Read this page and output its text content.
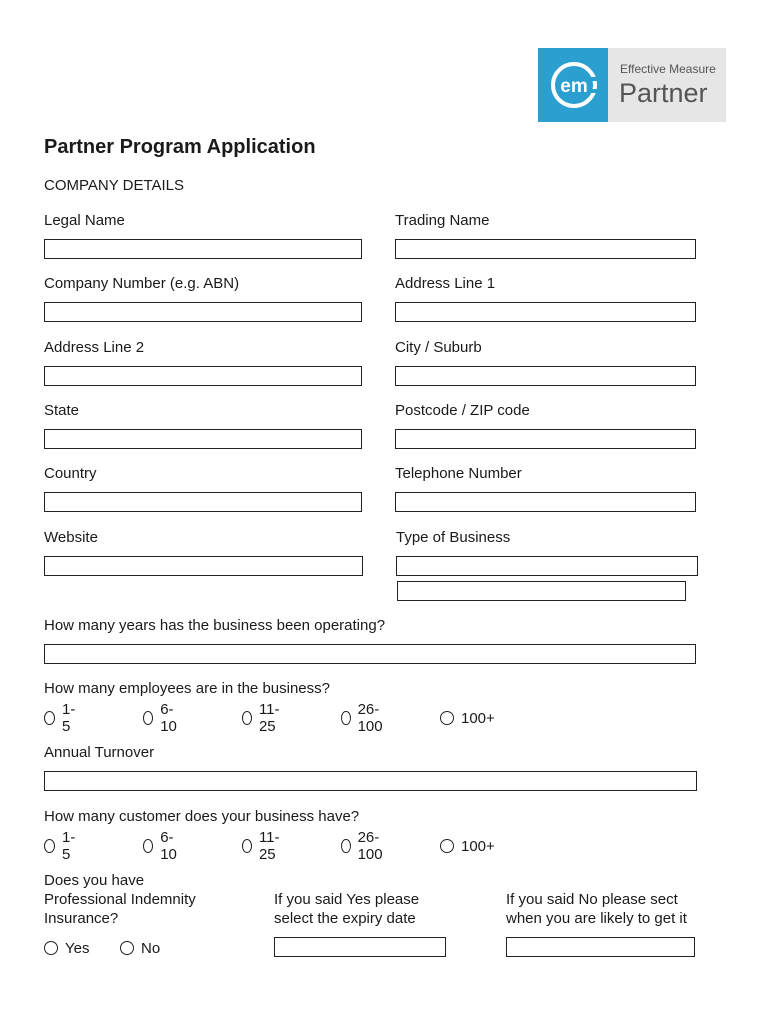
em
Effective Measure
Partner
Partner Program Application
COMPANY DETAILS
Legal Name	Trading Name
Company Number (e.g. ABN)	Address Line 1
Address Line 2	City / Suburb
State	Postcode / ZIP code
Country	Telephone Number
Website	Type of Business
How many years has the business been operating?
How many employees are in the business?
1-5
6-10
11-25
26-100	100+
Annual Turnover
How many customer does your business have?
1-5
6-10
11-25
26-100	100+
Does you have
Professional Indemnity
Insurance?
If you said Yes please
select the expiry date
If you said No please sect
when you are likely to get it
Yes	No
